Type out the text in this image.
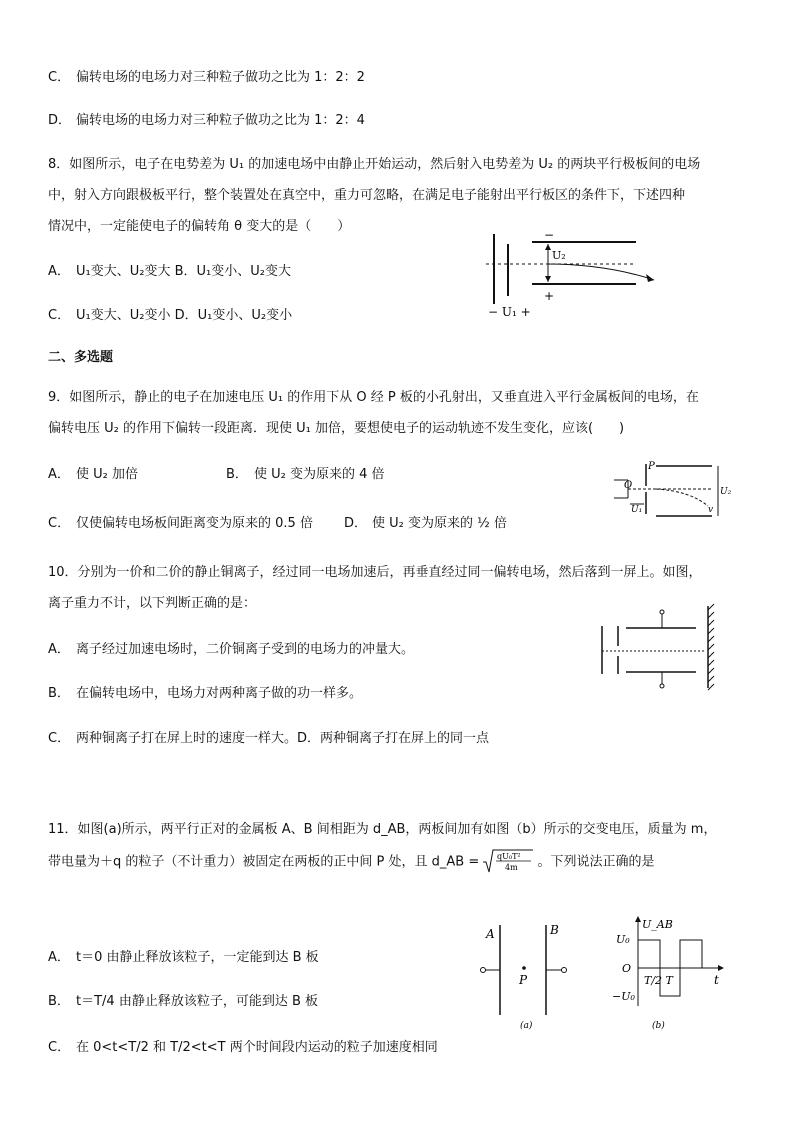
C． 偏转电场的电场力对三种粒子做功之比为 1：2：2
D． 偏转电场的电场力对三种粒子做功之比为 1：2：4
8．如图所示，电子在电势差为 U₁ 的加速电场中由静止开始运动，然后射入电势差为 U₂ 的两块平行极板间的电场
中，射入方向跟极板平行，整个装置处在真空中，重力可忽略，在满足电子能射出平行板区的条件下，下述四种
情况中，一定能使电子的偏转角 θ 变大的是（　　）
A． U₁变大、U₂变大 B．U₁变小、U₂变大
C． U₁变大、U₂变小 D．U₁变小、U₂变小
U₂
−
+
− U₁ +
二、多选题
9．如图所示，静止的电子在加速电压 U₁ 的作用下从 O 经 P 板的小孔射出，又垂直进入平行金属板间的电场，在
偏转电压 U₂ 的作用下偏转一段距离．现使 U₁ 加倍，要想使电子的运动轨迹不发生变化，应该(　　)
A． 使 U₂ 加倍	B． 使 U₂ 变为原来的 4 倍
C． 仅使偏转电场板间距离变为原来的 0.5 倍 D． 使 U₂ 变为原来的 ½ 倍
O
P
U₁
U₂
v
10．分别为一价和二价的静止铜离子，经过同一电场加速后，再垂直经过同一偏转电场，然后落到一屏上。如图，
离子重力不计，以下判断正确的是：
A． 离子经过加速电场时，二价铜离子受到的电场力的冲量大。
B． 在偏转电场中，电场力对两种离子做的功一样多。
C． 两种铜离子打在屏上时的速度一样大。D．两种铜离子打在屏上的同一点
11．如图(a)所示，两平行正对的金属板 A、B 间相距为 d_AB，两板间加有如图（b）所示的交变电压，质量为 m，
带电量为＋q 的粒子（不计重力）被固定在两板的正中间 P 处，且 d_AB = qU₀T²
4m 。下列说法正确的是
A． t＝0 由静止释放该粒子，一定能到达 B 板
B． t＝T/4 由静止释放该粒子，可能到达 B 板
C． 在 0<t<T/2 和 T/2<t<T 两个时间段内运动的粒子加速度相同
A	B
P
(a)
U_AB
U₀
O
T/2 T	t
−U₀
(b)
